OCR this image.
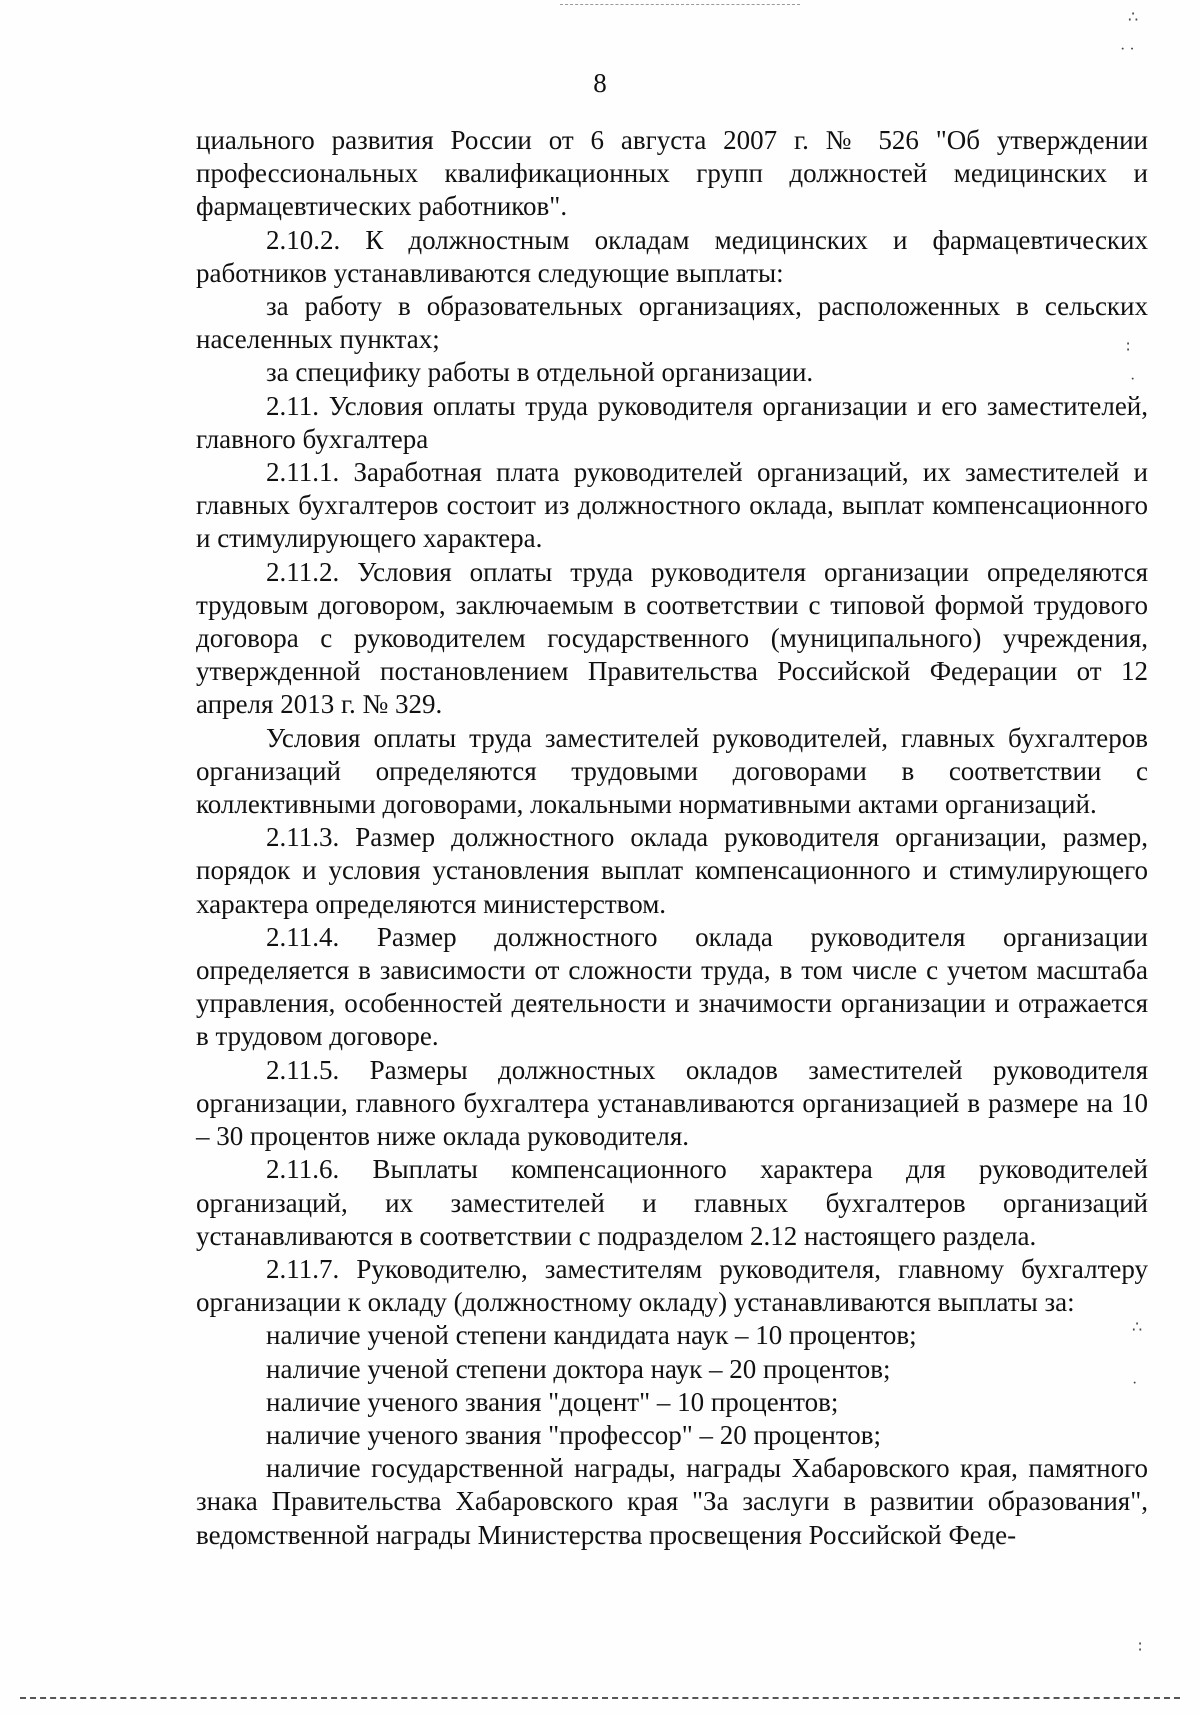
8

циального развития России от 6 августа 2007 г. № 526 "Об утверждении профессиональных квалификационных групп должностей медицинских и фармацевтических работников".

2.10.2. К должностным окладам медицинских и фармацевтических работников устанавливаются следующие выплаты:

за работу в образовательных организациях, расположенных в сельских населенных пунктах;

за специфику работы в отдельной организации.

2.11. Условия оплаты труда руководителя организации и его заместителей, главного бухгалтера

2.11.1. Заработная плата руководителей организаций, их заместителей и главных бухгалтеров состоит из должностного оклада, выплат компенсационного и стимулирующего характера.

2.11.2. Условия оплаты труда руководителя организации определяются трудовым договором, заключаемым в соответствии с типовой формой трудового договора с руководителем государственного (муниципального) учреждения, утвержденной постановлением Правительства Российской Федерации от 12 апреля 2013 г. № 329.

Условия оплаты труда заместителей руководителей, главных бухгалтеров организаций определяются трудовыми договорами в соответствии с коллективными договорами, локальными нормативными актами организаций.

2.11.3. Размер должностного оклада руководителя организации, размер, порядок и условия установления выплат компенсационного и стимулирующего характера определяются министерством.

2.11.4. Размер должностного оклада руководителя организации определяется в зависимости от сложности труда, в том числе с учетом масштаба управления, особенностей деятельности и значимости организации и отражается в трудовом договоре.

2.11.5. Размеры должностных окладов заместителей руководителя организации, главного бухгалтера устанавливаются организацией в размере на 10 – 30 процентов ниже оклада руководителя.

2.11.6. Выплаты компенсационного характера для руководителей организаций, их заместителей и главных бухгалтеров организаций устанавливаются в соответствии с подразделом 2.12 настоящего раздела.

2.11.7. Руководителю, заместителям руководителя, главному бухгалтеру организации к окладу (должностному окладу) устанавливаются выплаты за:

наличие ученой степени кандидата наук – 10 процентов;

наличие ученой степени доктора наук – 20 процентов;

наличие ученого звания "доцент" – 10 процентов;

наличие ученого звания "профессор" – 20 процентов;

наличие государственной награды, награды Хабаровского края, памятного знака Правительства Хабаровского края "За заслуги в развитии образования", ведомственной награды Министерства просвещения Российской Феде-

∴
· ·
∶
·
∴
·
∶
